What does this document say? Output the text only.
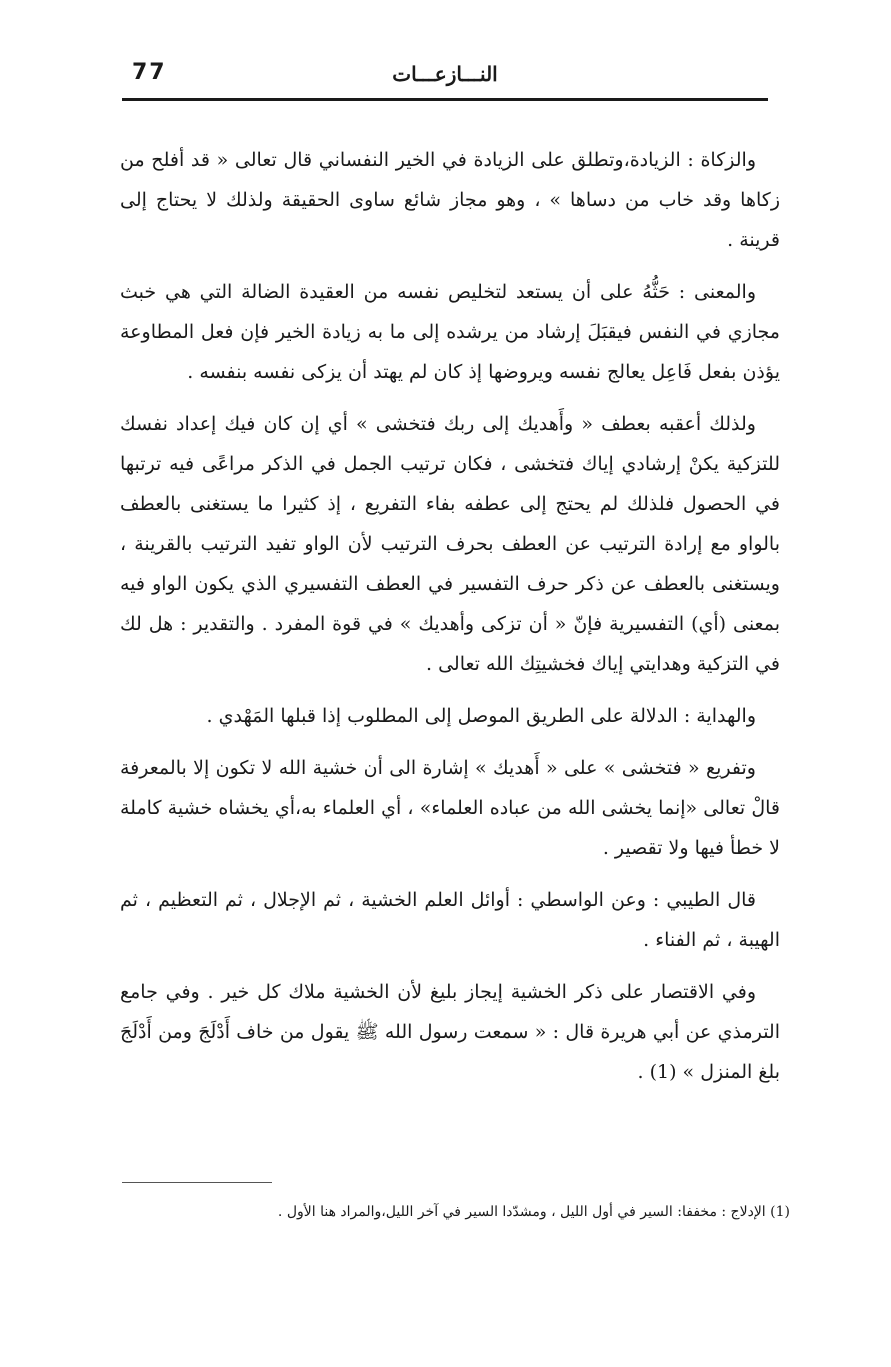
77	النـــازعـــات

والزكاة : الزيادة،وتطلق على الزيادة في الخير النفساني قال تعالى « قد أفلح من زكاها وقد خاب من دساها » ، وهو مجاز شائع ساوى الحقيقة ولذلك لا يحتاج إلى قرينة .

والمعنى : حَثُّهُ على أن يستعد لتخليص نفسه من العقيدة الضالة التي هي خبث مجازي في النفس فيقبَلَ إرشاد من يرشده إلى ما به زيادة الخير فإن فعل المطاوعة يؤذن بفعل فَاعِل يعالج نفسه ويروضها إذ كان لم يهتد أن يزكى نفسه بنفسه .

ولذلك أعقبه بعطف « وأَهديك إلى ربك فتخشى » أي إن كان فيك إعداد نفسك للتزكية يكنْ إرشادي إياك فتخشى ، فكان ترتيب الجمل في الذكر مراعًى فيه ترتبها في الحصول فلذلك لم يحتج إلى عطفه بفاء التفريع ، إذ كثيرا ما يستغنى بالعطف بالواو مع إرادة الترتيب عن العطف بحرف الترتيب لأن الواو تفيد الترتيب بالقرينة ، ويستغنى بالعطف عن ذكر حرف التفسير في العطف التفسيري الذي يكون الواو فيه بمعنى (أي) التفسيرية فإنّ « أن تزكى وأهديك » في قوة المفرد . والتقدير : هل لك في التزكية وهدايتي إياك فخشيتِك الله تعالى .

والهداية : الدلالة على الطريق الموصل إلى المطلوب إذا قبلها المَهْدي .

وتفريع « فتخشى » على « أَهديك » إشارة الى أن خشية الله لا تكون إلا بالمعرفة قالْ تعالى «إنما يخشى الله من عباده العلماء» ، أي العلماء به،أي يخشاه خشية كاملة لا خطأ فيها ولا تقصير .

قال الطيبي : وعن الواسطي : أوائل العلم الخشية ، ثم الإجلال ، ثم التعظيم ، ثم الهيبة ، ثم الفناء .

وفي الاقتصار على ذكر الخشية إيجاز بليغ لأن الخشية ملاك كل خير . وفي جامع الترمذي عن أبي هريرة قال : « سمعت رسول الله ﷺ يقول من خاف أَدْلَجَ ومن أَدْلَجَ بلغ المنزل » (1) .

(1) الإدلاج : مخففا: السير في أول الليل ، ومشدّدا السير في آخر الليل،والمراد هنا الأول .
